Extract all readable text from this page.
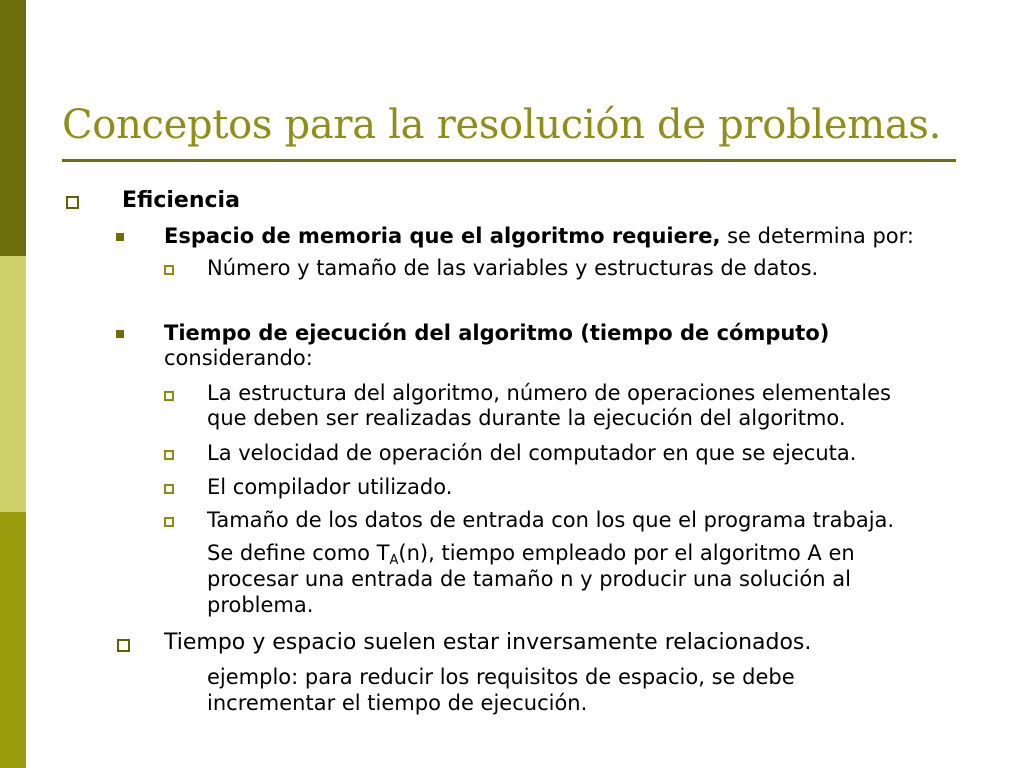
Conceptos para la resolución de problemas.
Eficiencia
Espacio de memoria que el algoritmo requiere, se determina por:
Número y tamaño de las variables y estructuras de datos.
Tiempo de ejecución del algoritmo (tiempo de cómputo)
considerando:
La estructura del algoritmo, número de operaciones elementales
que deben ser realizadas durante la ejecución del algoritmo.
La velocidad de operación del computador en que se ejecuta.
El compilador utilizado.
Tamaño de los datos de entrada con los que el programa trabaja.
Se define como $T_A(n)$, tiempo empleado por el algoritmo A en
procesar una entrada de tamaño n y producir una solución al
problema.
Tiempo y espacio suelen estar inversamente relacionados.
ejemplo: para reducir los requisitos de espacio, se debe
incrementar el tiempo de ejecución.
